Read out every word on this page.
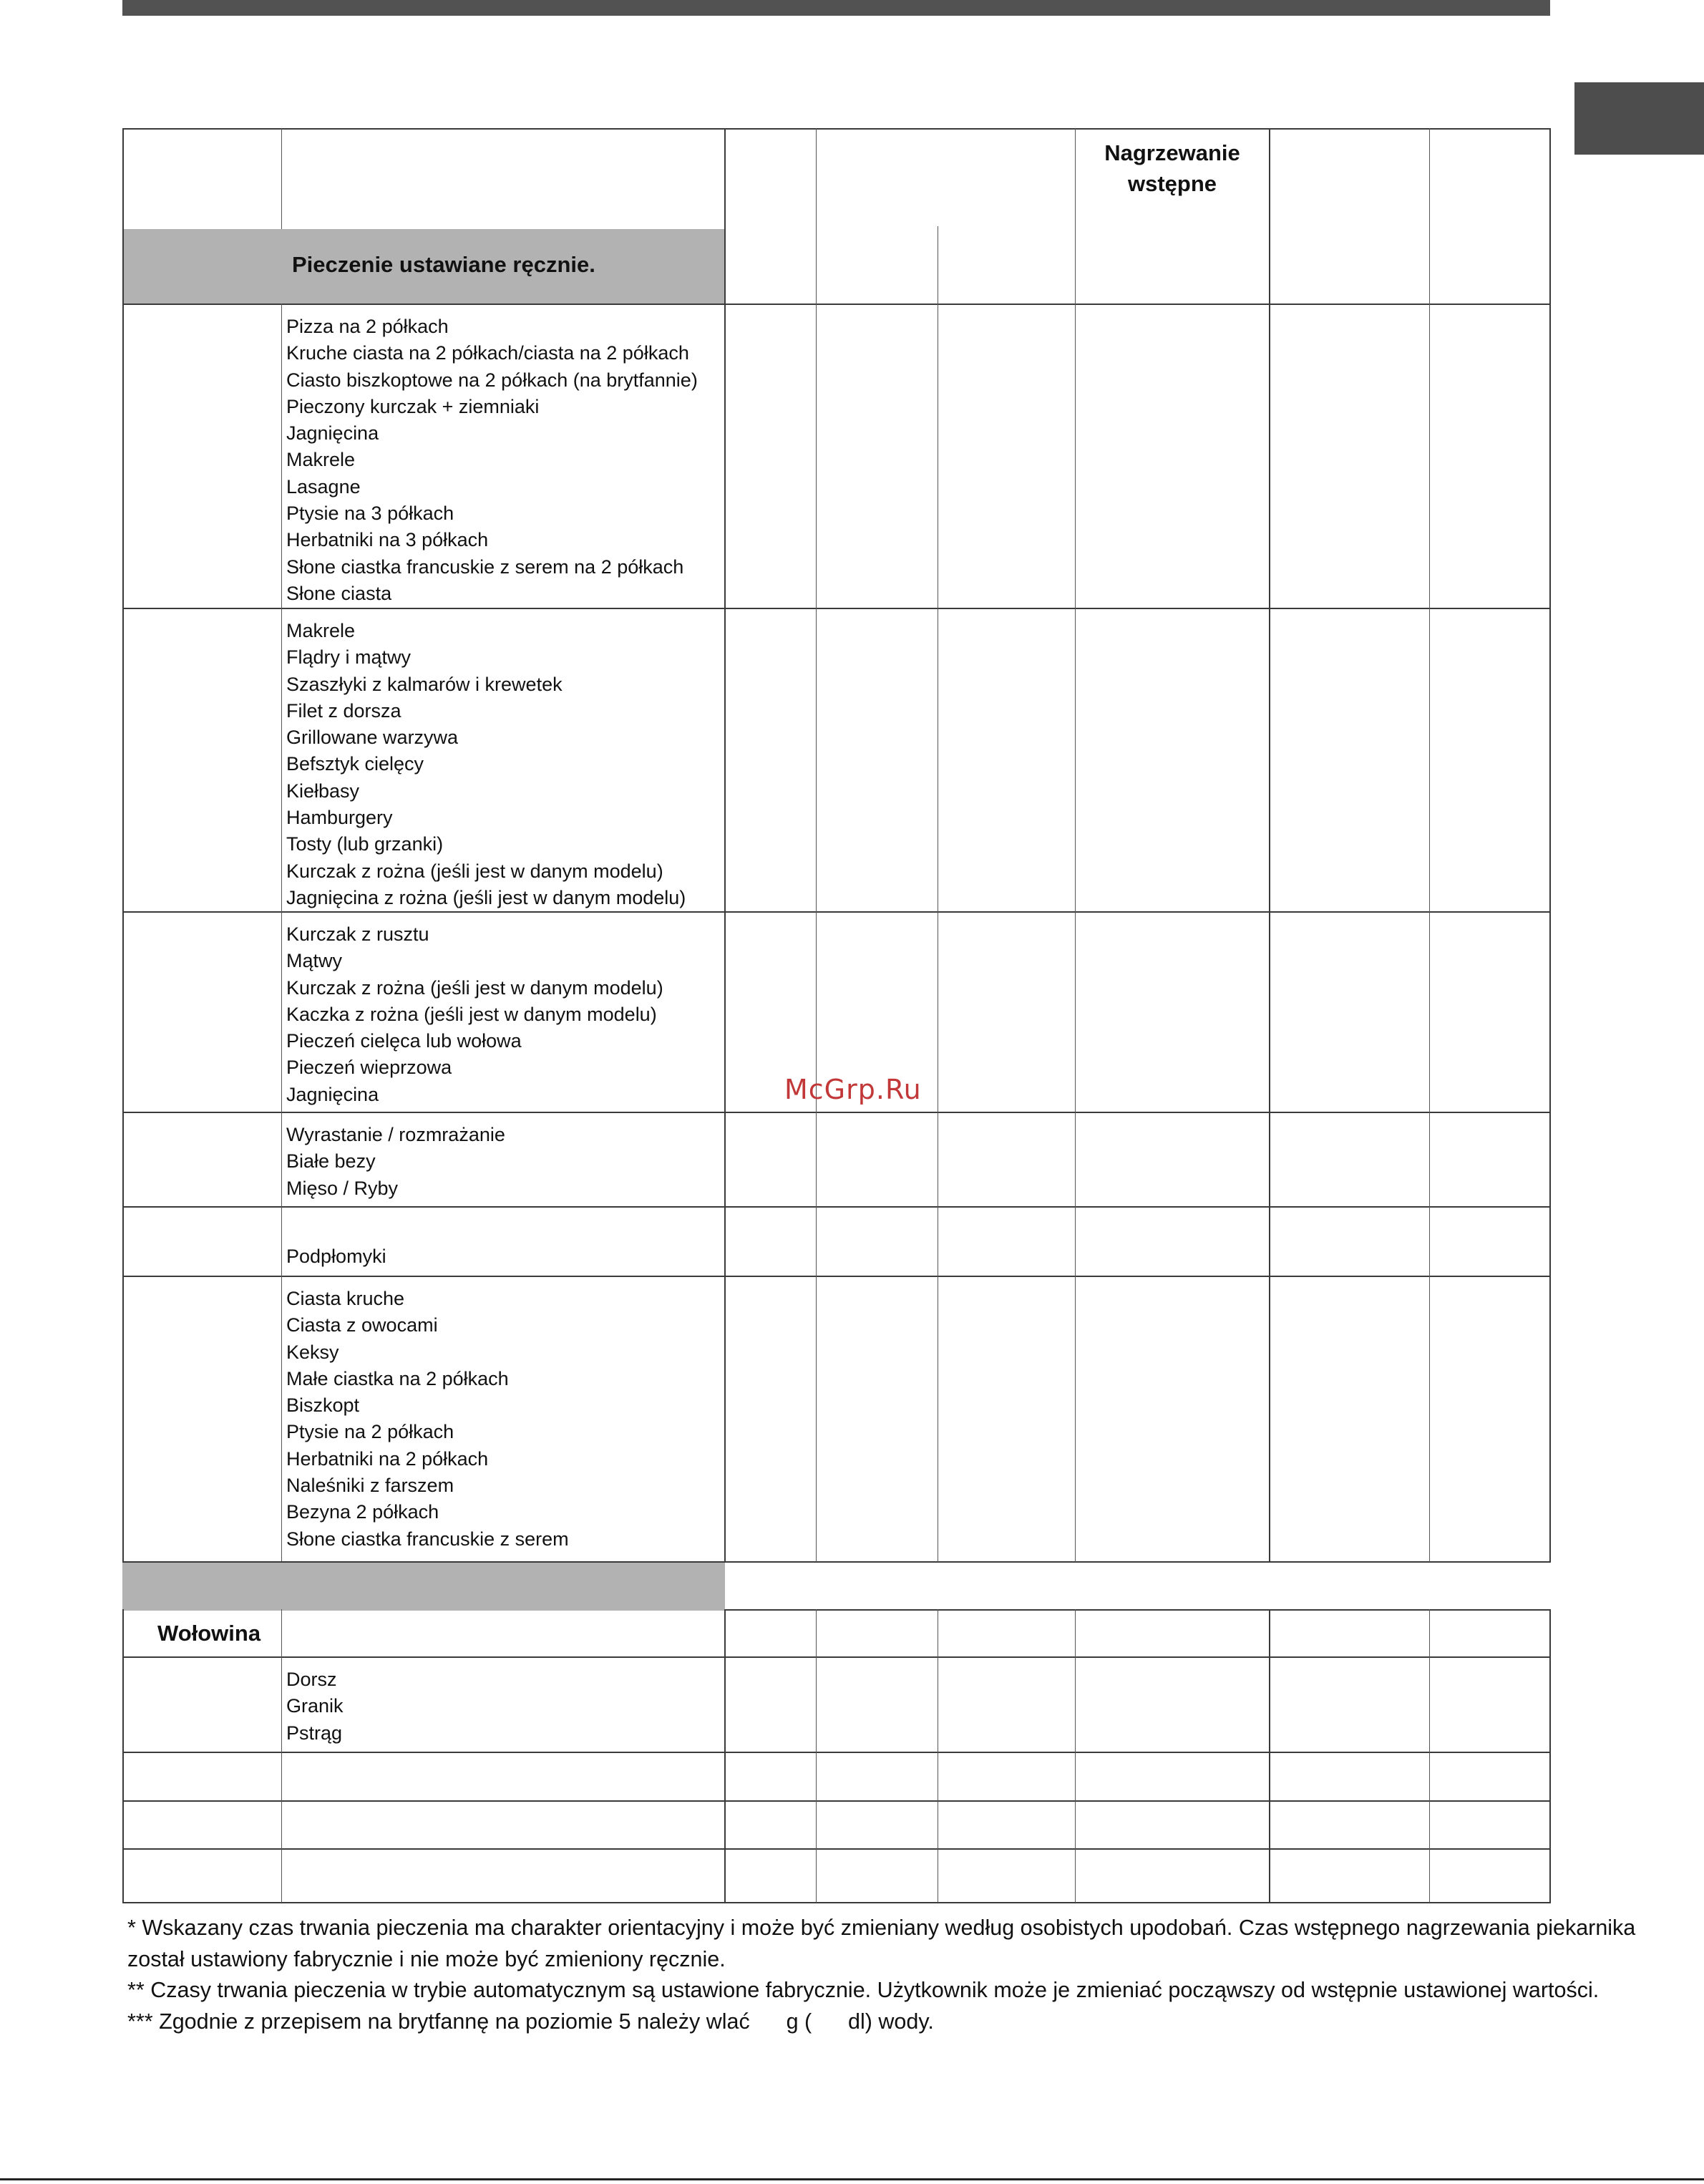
Pieczenie ustawiane ręcznie.
Nagrzewanie
wstępne
Pizza na 2 półkach
Kruche ciasta na 2 półkach/ciasta na 2 półkach
Ciasto biszkoptowe na 2 półkach (na brytfannie)
Pieczony kurczak + ziemniaki
Jagnięcina
Makrele
Lasagne
Ptysie na 3 półkach
Herbatniki na 3 półkach
Słone ciastka francuskie z serem na 2 półkach
Słone ciasta
Makrele
Flądry i mątwy
Szaszłyki z kalmarów i krewetek
Filet z dorsza
Grillowane warzywa
Befsztyk cielęcy
Kiełbasy
Hamburgery
Tosty (lub grzanki)
Kurczak z rożna (jeśli jest w danym modelu)
Jagnięcina z rożna (jeśli jest w danym modelu)
Kurczak z rusztu
Mątwy
Kurczak z rożna (jeśli jest w danym modelu)
Kaczka z rożna (jeśli jest w danym modelu)
Pieczeń cielęca lub wołowa
Pieczeń wieprzowa
Jagnięcina
Wyrastanie / rozmrażanie
Białe bezy
Mięso / Ryby
Podpłomyki
Ciasta kruche
Ciasta z owocami
Keksy
Małe ciastka na 2 półkach
Biszkopt
Ptysie na 2 półkach
Herbatniki na 2 półkach
Naleśniki z farszem
Bezyna 2 półkach
Słone ciastka francuskie z serem
Wołowina
Dorsz
Granik
Pstrąg
McGrp.Ru
* Wskazany czas trwania pieczenia ma charakter orientacyjny i może być zmieniany według osobistych upodobań. Czas wstępnego nagrzewania piekarnika
został ustawiony fabrycznie i nie może być zmieniony ręcznie.
** Czasy trwania pieczenia w trybie automatycznym są ustawione fabrycznie. Użytkownik może je zmieniać począwszy od wstępnie ustawionej wartości.
*** Zgodnie z przepisem na brytfannę na poziomie 5 należy wlać      g (      dl) wody.
